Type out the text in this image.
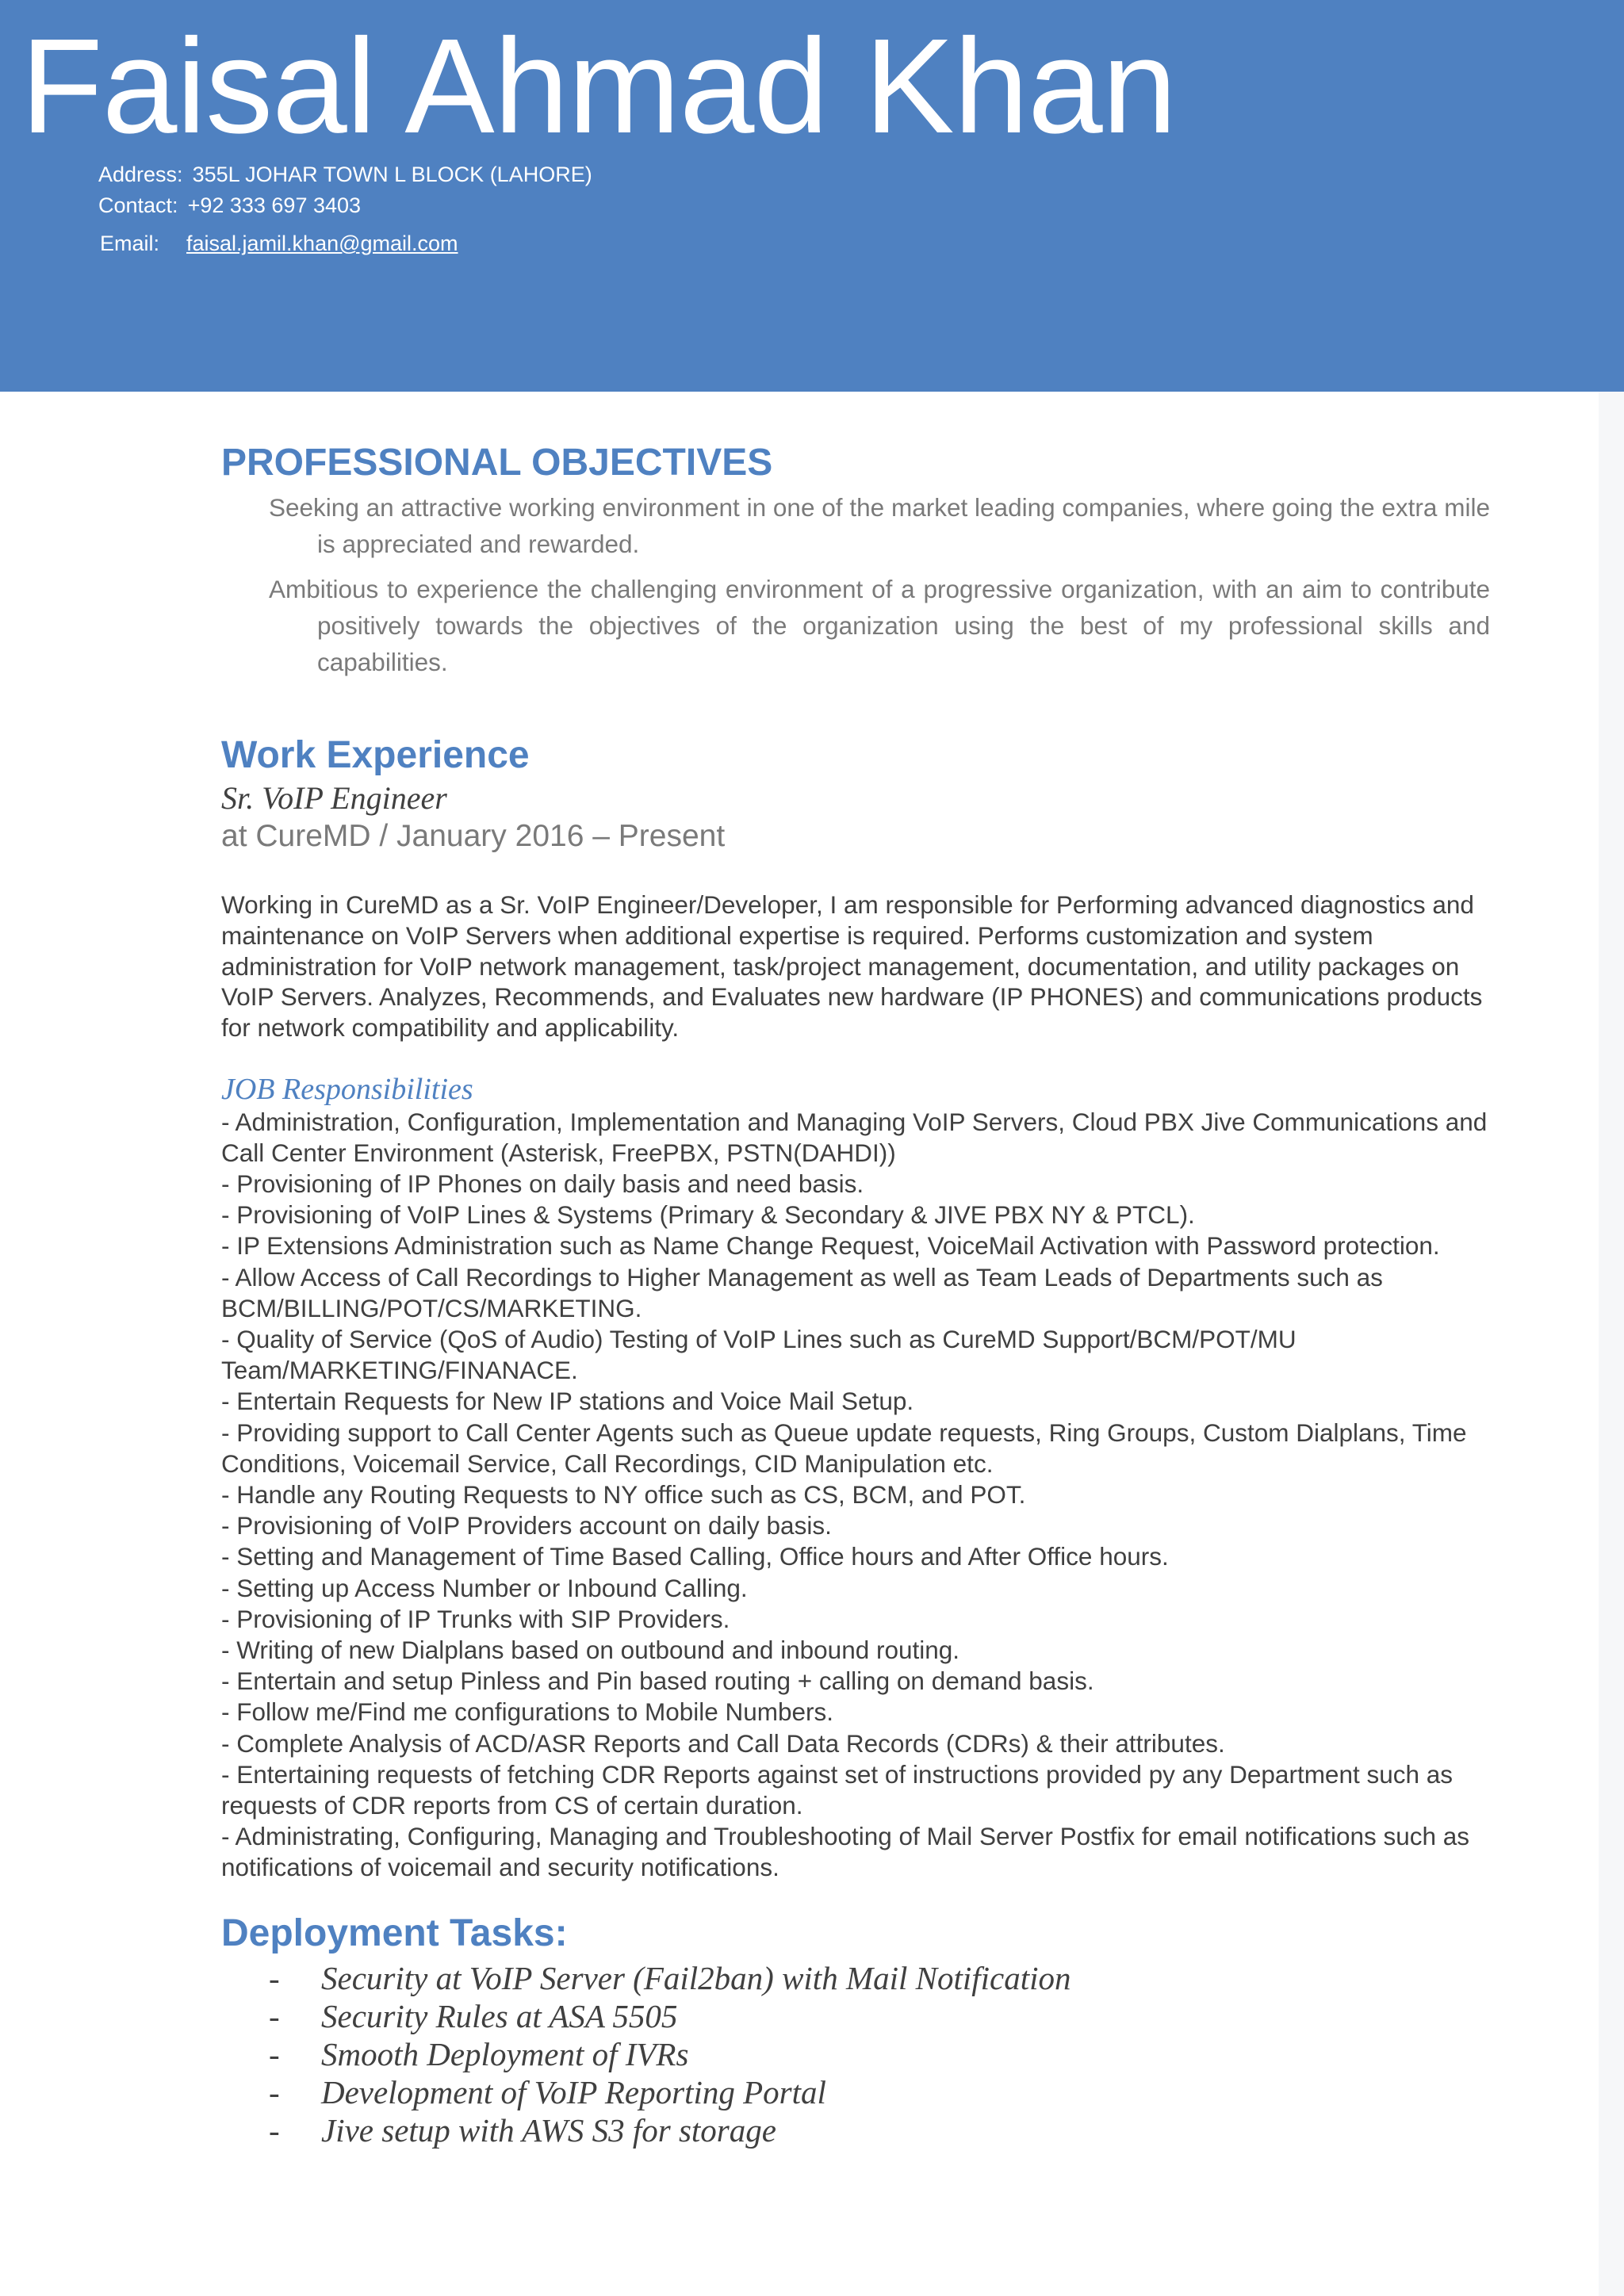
Faisal Ahmad Khan
Address: 355L JOHAR TOWN L BLOCK (LAHORE)
Contact: +92 333 697 3403
Email: faisal.jamil.khan@gmail.com
PROFESSIONAL OBJECTIVES

Seeking an attractive working environment in one of the market leading companies, where going the extra mile is appreciated and rewarded.

Ambitious to experience the challenging environment of a progressive organization, with an aim to contribute positively towards the objectives of the organization using the best of my professional skills and capabilities.

Work Experience
Sr. VoIP Engineer
at CureMD / January 2016 – Present
Working in CureMD as a Sr. VoIP Engineer/Developer, I am responsible for Performing advanced diagnostics and maintenance on VoIP Servers when additional expertise is required. Performs customization and system administration for VoIP network management, task/project management, documentation, and utility packages on VoIP Servers. Analyzes, Recommends, and Evaluates new hardware (IP PHONES) and communications products for network compatibility and applicability.
JOB Responsibilities
- Administration, Configuration, Implementation and Managing VoIP Servers, Cloud PBX Jive Communications and Call Center Environment (Asterisk, FreePBX, PSTN(DAHDI))
- Provisioning of IP Phones on daily basis and need basis.
- Provisioning of VoIP Lines & Systems (Primary & Secondary & JIVE PBX NY & PTCL).
- IP Extensions Administration such as Name Change Request, VoiceMail Activation with Password protection.
- Allow Access of Call Recordings to Higher Management as well as Team Leads of Departments such as BCM/BILLING/POT/CS/MARKETING.
- Quality of Service (QoS of Audio) Testing of VoIP Lines such as CureMD Support/BCM/POT/MU Team/MARKETING/FINANACE.
- Entertain Requests for New IP stations and Voice Mail Setup.
- Providing support to Call Center Agents such as Queue update requests, Ring Groups, Custom Dialplans, Time Conditions, Voicemail Service, Call Recordings, CID Manipulation etc.
- Handle any Routing Requests to NY office such as CS, BCM, and POT.
- Provisioning of VoIP Providers account on daily basis.
- Setting and Management of Time Based Calling, Office hours and After Office hours.
- Setting up Access Number or Inbound Calling.
- Provisioning of IP Trunks with SIP Providers.
- Writing of new Dialplans based on outbound and inbound routing.
- Entertain and setup Pinless and Pin based routing + calling on demand basis.
- Follow me/Find me configurations to Mobile Numbers.
- Complete Analysis of ACD/ASR Reports and Call Data Records (CDRs) & their attributes.
- Entertaining requests of fetching CDR Reports against set of instructions provided py any Department such as requests of CDR reports from CS of certain duration.
- Administrating, Configuring, Managing and Troubleshooting of Mail Server Postfix for email notifications such as notifications of voicemail and security notifications.
Deployment Tasks:
- Security at VoIP Server (Fail2ban) with Mail Notification
- Security Rules at ASA 5505
- Smooth Deployment of IVRs
- Development of VoIP Reporting Portal
- Jive setup with AWS S3 for storage
